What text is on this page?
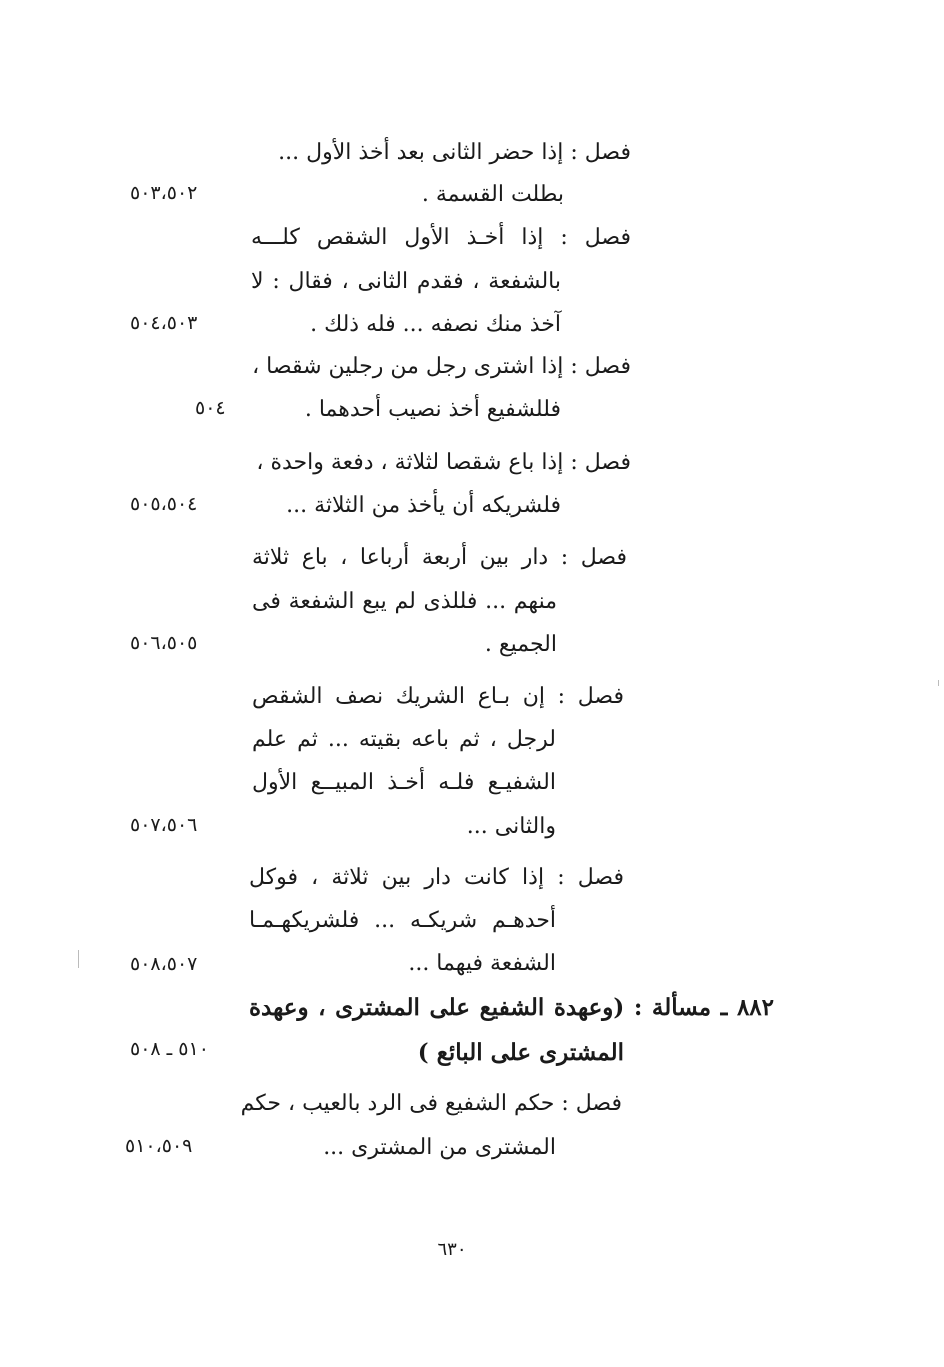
فصل : إذا حضر الثانى بعد أخذ الأول ...
بطلت القسمة .
٥٠٣،٥٠٢
فصل : إذا أخـذ الأول الشقص كلـــه
بالشفعة ، فقدم الثانى ، فقال : لا
آخذ منك نصفه ... فله ذلك .
٥٠٤،٥٠٣
فصل : إذا اشترى رجل من رجلين شقصا ،
فللشفيع أخذ نصيب أحدهما .
٥٠٤
فصل : إذا باع شقصا لثلاثة ، دفعة واحدة ،
فلشريكه أن يأخذ من الثلاثة ...
٥٠٥،٥٠٤
فصل : دار بين أربعة أرباعا ، باع ثلاثة
منهم ... فللذى لم يبع الشفعة فى
الجميع .
٥٠٦،٥٠٥
فصل : إن بـاع الشريك نصف الشقص
لرجل ، ثم باعه بقيته ... ثم علم
الشفيـع فلـه أخـذ المبيــع الأول
والثانى ...
٥٠٧،٥٠٦
فصل : إذا كانت دار بين ثلاثة ، فوكل
أحدهـم شريكـه ... فلشريكهـمـا
الشفعة فيهما ...
٥٠٨،٥٠٧
٨٨٢ ـ مسألة : (وعهدة الشفيع على المشترى ، وعهدة
المشترى على البائع )
٥١٠ ـ ٥٠٨
فصل : حكم الشفيع فى الرد بالعيب ، حكم
المشترى من المشترى ...
٥١٠،٥٠٩
٦٣٠
